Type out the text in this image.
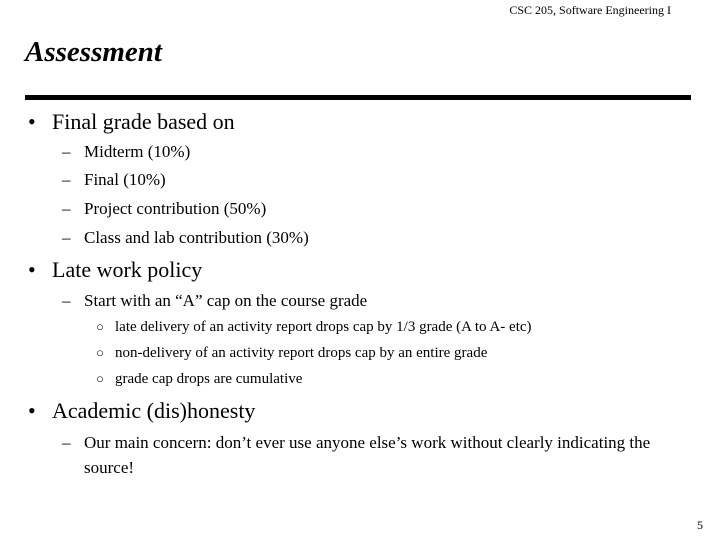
CSC 205, Software Engineering I
Assessment
• Final grade based on
– Midterm (10%)
– Final (10%)
– Project contribution (50%)
– Class and lab contribution (30%)
• Late work policy
– Start with an “A” cap on the course grade
○ late delivery of an activity report drops cap by 1/3 grade (A to A- etc)
○ non-delivery of an activity report drops cap by an entire grade
○ grade cap drops are cumulative
• Academic (dis)honesty
– Our main concern: don’t ever use anyone else’s work without clearly indicating the source!
5
